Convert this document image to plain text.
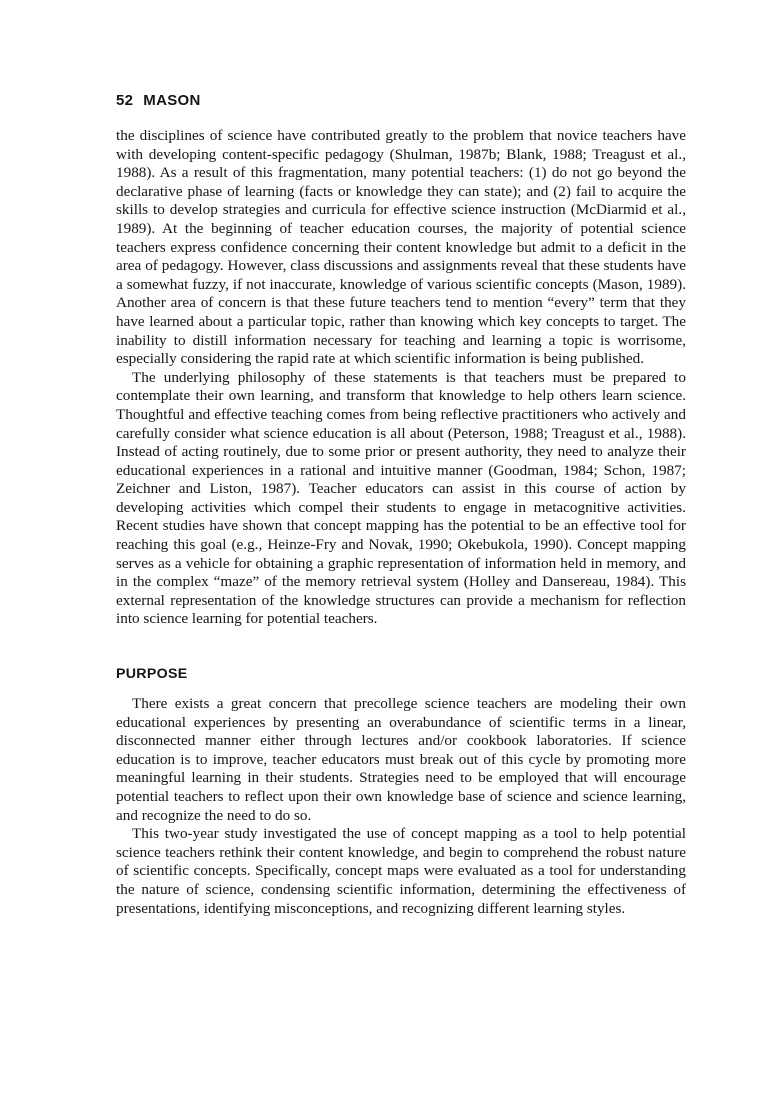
52 MASON

the disciplines of science have contributed greatly to the problem that novice teachers have with developing content-specific pedagogy (Shulman, 1987b; Blank, 1988; Treagust et al., 1988). As a result of this fragmentation, many potential teachers: (1) do not go beyond the declarative phase of learning (facts or knowledge they can state); and (2) fail to acquire the skills to develop strategies and curricula for effective science instruction (McDiarmid et al., 1989). At the beginning of teacher education courses, the majority of potential science teachers express confidence concerning their content knowledge but admit to a deficit in the area of pedagogy. However, class discussions and assignments reveal that these students have a somewhat fuzzy, if not inaccurate, knowledge of various scientific concepts (Mason, 1989). Another area of concern is that these future teachers tend to mention “every” term that they have learned about a particular topic, rather than knowing which key concepts to target. The inability to distill information necessary for teaching and learning a topic is worrisome, especially considering the rapid rate at which scientific information is being published.

The underlying philosophy of these statements is that teachers must be prepared to contemplate their own learning, and transform that knowledge to help others learn science. Thoughtful and effective teaching comes from being reflective practitioners who actively and carefully consider what science education is all about (Peterson, 1988; Treagust et al., 1988). Instead of acting routinely, due to some prior or present authority, they need to analyze their educational experiences in a rational and intuitive manner (Goodman, 1984; Schon, 1987; Zeichner and Liston, 1987). Teacher educators can assist in this course of action by developing activities which compel their students to engage in metacognitive activities. Recent studies have shown that concept mapping has the potential to be an effective tool for reaching this goal (e.g., Heinze-Fry and Novak, 1990; Okebukola, 1990). Concept mapping serves as a vehicle for obtaining a graphic representation of information held in memory, and in the complex “maze” of the memory retrieval system (Holley and Dansereau, 1984). This external representation of the knowledge structures can provide a mechanism for reflection into science learning for potential teachers.

PURPOSE

There exists a great concern that precollege science teachers are modeling their own educational experiences by presenting an overabundance of scientific terms in a linear, disconnected manner either through lectures and/or cookbook laboratories. If science education is to improve, teacher educators must break out of this cycle by promoting more meaningful learning in their students. Strategies need to be employed that will encourage potential teachers to reflect upon their own knowledge base of science and science learning, and recognize the need to do so.

This two-year study investigated the use of concept mapping as a tool to help potential science teachers rethink their content knowledge, and begin to comprehend the robust nature of scientific concepts. Specifically, concept maps were evaluated as a tool for understanding the nature of science, condensing scientific information, determining the effectiveness of presentations, identifying misconceptions, and recognizing different learning styles.
